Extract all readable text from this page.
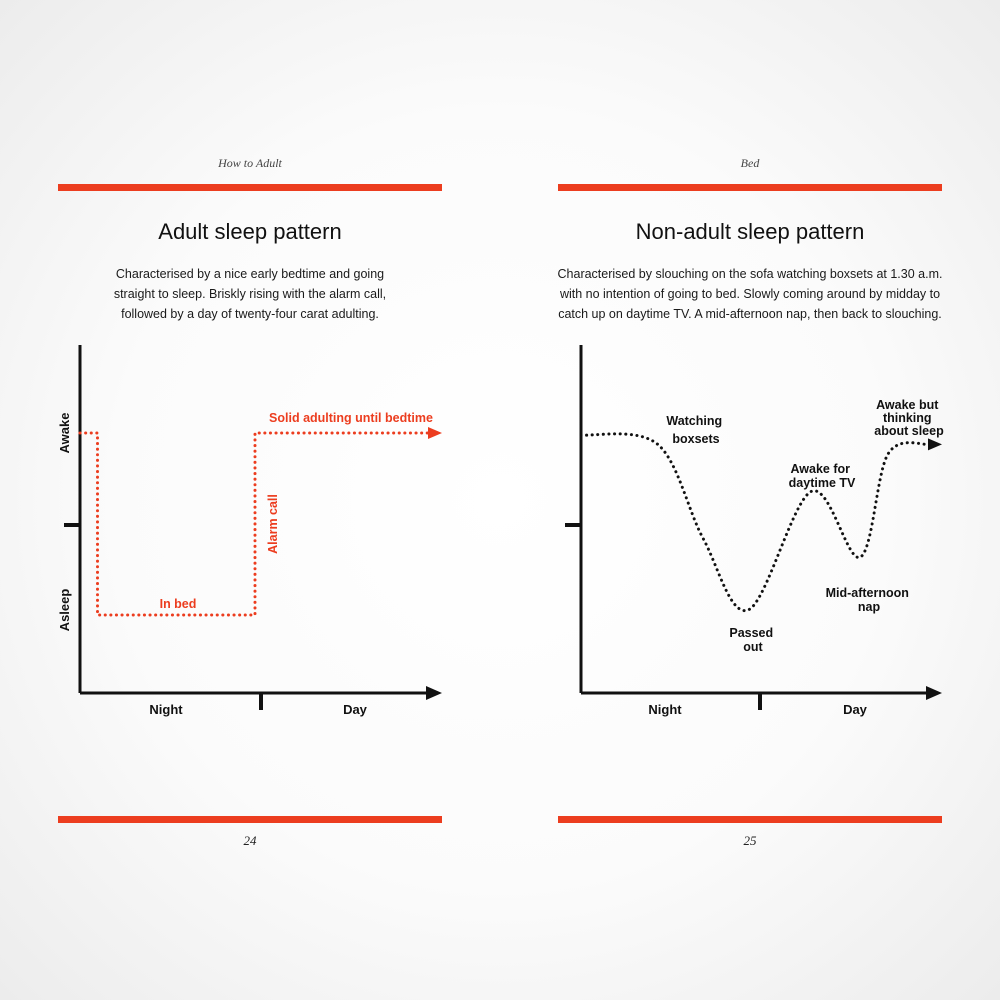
How to Adult
Adult sleep pattern
Characterised by a nice early bedtime and going
straight to sleep. Briskly rising with the alarm call,
followed by a day of twenty-four carat adulting.
Awake
Asleep
Night	Day
Solid adulting until bedtime
In bed
Alarm call
24
Bed
Non-adult sleep pattern
Characterised by slouching on the sofa watching boxsets at 1.30 a.m.
with no intention of going to bed. Slowly coming around by midday to
catch up on daytime TV. A mid-afternoon nap, then back to slouching.
Night	Day
Watching boxsets
Passed out
Awake for daytime TV
Mid-afternoon nap
Awake but thinking about sleep
25
